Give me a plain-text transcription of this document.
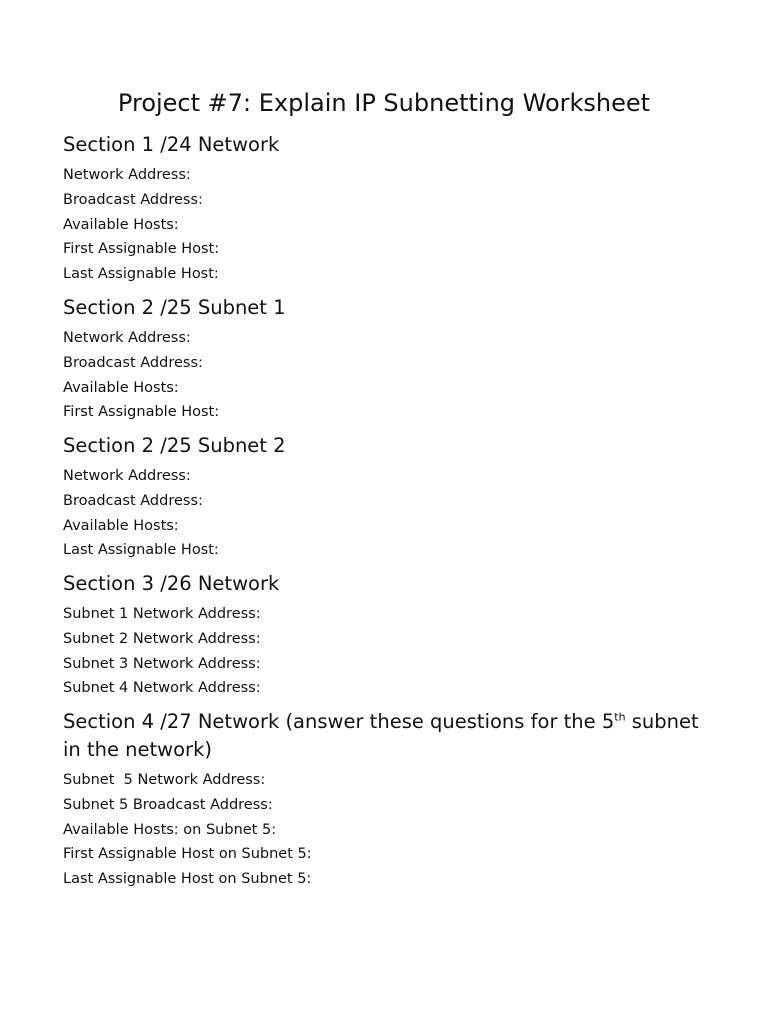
Project #7: Explain IP Subnetting Worksheet
Section 1 /24 Network
Network Address:
Broadcast Address:
Available Hosts:
First Assignable Host:
Last Assignable Host:
Section 2 /25 Subnet 1
Network Address:
Broadcast Address:
Available Hosts:
First Assignable Host:
Section 2 /25 Subnet 2
Network Address:
Broadcast Address:
Available Hosts:
Last Assignable Host:
Section 3 /26 Network
Subnet 1 Network Address:
Subnet 2 Network Address:
Subnet 3 Network Address:
Subnet 4 Network Address:
Section 4 /27 Network (answer these questions for the 5th subnet in the network)
Subnet  5 Network Address:
Subnet 5 Broadcast Address:
Available Hosts: on Subnet 5:
First Assignable Host on Subnet 5:
Last Assignable Host on Subnet 5:
